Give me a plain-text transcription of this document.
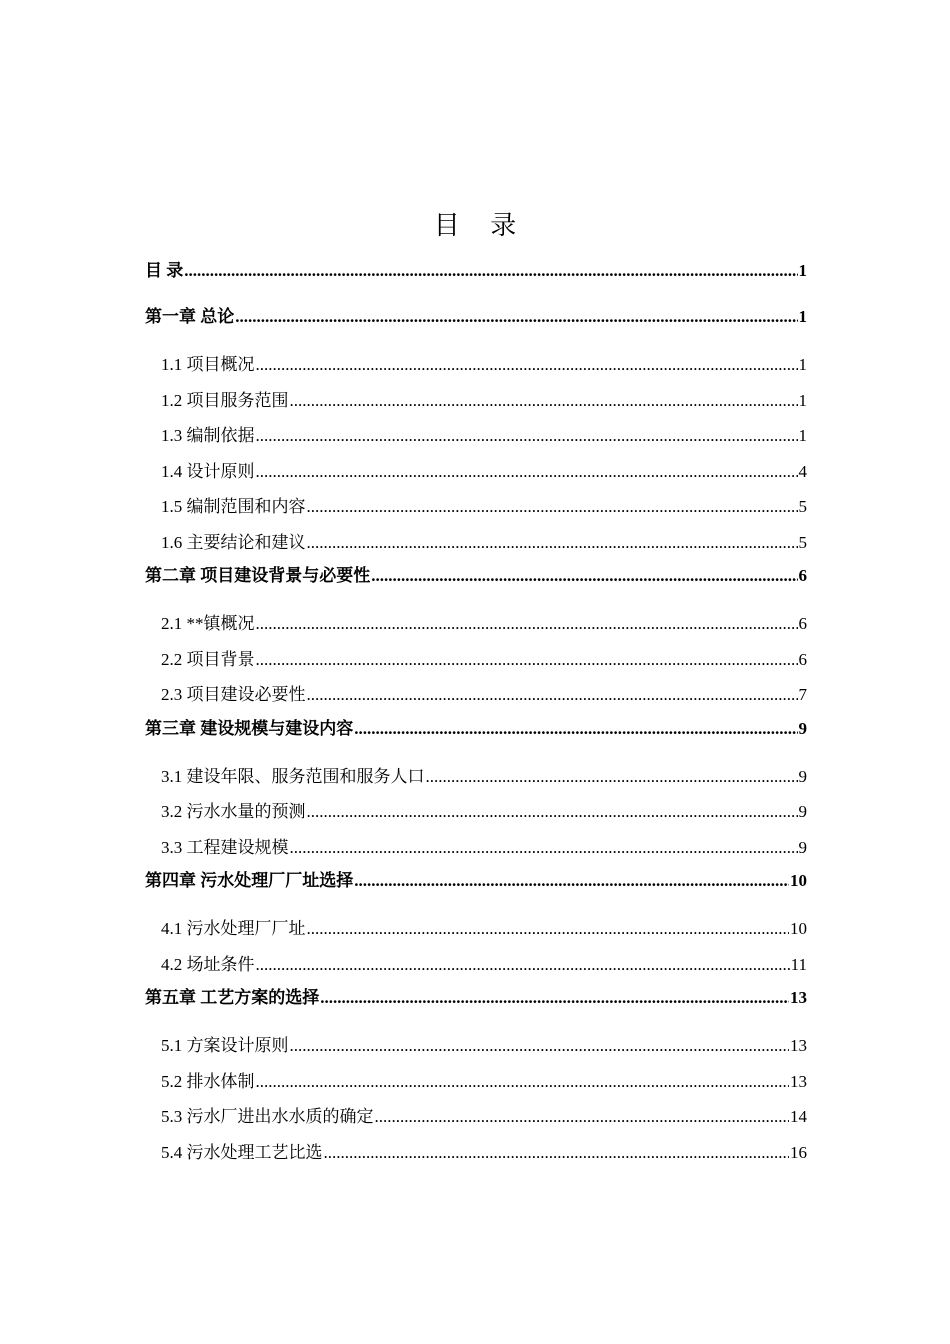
目 录
目 录 .....	1
第一章 总论 .....	1
1.1 项目概况 .....	1
1.2 项目服务范围 .....	1
1.3 编制依据 .....	1
1.4 设计原则 .....	4
1.5 编制范围和内容 .....	5
1.6 主要结论和建议 .....	5
第二章 项目建设背景与必要性 .....	6
2.1 **镇概况 .....	6
2.2 项目背景 .....	6
2.3 项目建设必要性 .....	7
第三章 建设规模与建设内容 .....	9
3.1 建设年限、服务范围和服务人口 .....	9
3.2 污水水量的预测 .....	9
3.3 工程建设规模 .....	9
第四章 污水处理厂厂址选择 .....	10
4.1 污水处理厂厂址 .....	10
4.2 场址条件 .....	11
第五章 工艺方案的选择 .....	13
5.1 方案设计原则 .....	13
5.2 排水体制 .....	13
5.3 污水厂进出水水质的确定 .....	14
5.4 污水处理工艺比选 .....	16
